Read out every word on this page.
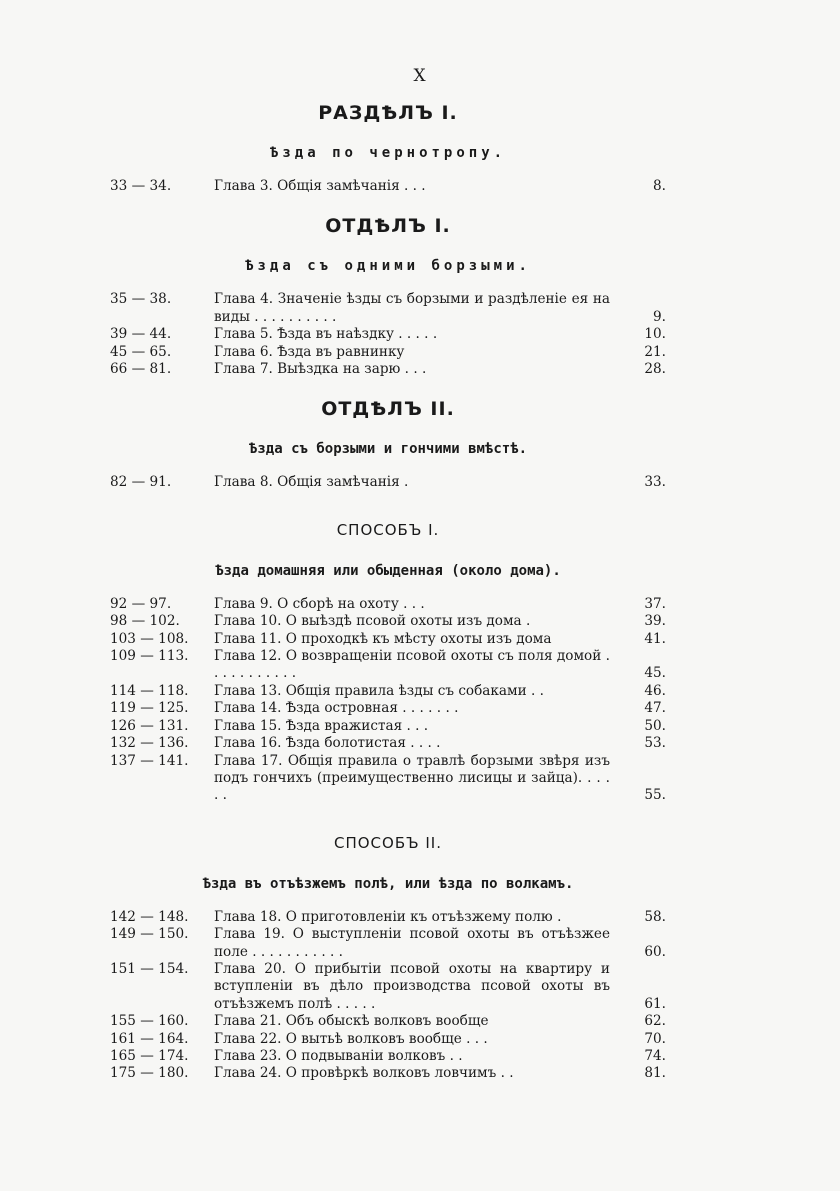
X
РАЗДѢЛЪ I.
Ѣзда по чернотропу.
33 — 34.	Глава 3. Общія замѣчанія . . .	8.
ОТДѢЛЪ I.
Ѣзда съ одними борзыми.
35 — 38.	Глава 4. Значеніе ѣзды съ борзыми и раздѣленіе ея на виды . . . . . . . . . .	9.
39 — 44.	Глава 5. Ѣзда въ наѣздку . . . . .	10.
45 — 65.	Глава 6. Ѣзда въ равнинку	21.
66 — 81.	Глава 7. Выѣздка на зарю . . .	28.
ОТДѢЛЪ II.
Ѣзда съ борзыми и гончими вмѣстѣ.
82 — 91.	Глава 8. Общія замѣчанія .	33.
СПОСОБЪ I.
Ѣзда домашняя или обыденная (около дома).
92 — 97.	Глава 9. О сборѣ на охоту . . .	37.
98 — 102.	Глава 10. О выѣздѣ псовой охоты изъ дома .	39.
103 — 108.	Глава 11. О проходкѣ къ мѣсту охоты изъ дома	41.
109 — 113.	Глава 12. О возвращеніи псовой охоты съ поля домой . . . . . . . . . . .	45.
114 — 118.	Глава 13. Общія правила ѣзды съ собаками . .	46.
119 — 125.	Глава 14. Ѣзда островная . . . . . . .	47.
126 — 131.	Глава 15. Ѣзда вражистая . . .	50.
132 — 136.	Глава 16. Ѣзда болотистая . . . .	53.
137 — 141.	Глава 17. Общія правила о травлѣ борзыми звѣря изъ подъ гончихъ (преимущественно лисицы и зайца). . . . . .	55.
СПОСОБЪ II.
Ѣзда въ отъѣзжемъ полѣ, или ѣзда по волкамъ.
142 — 148.	Глава 18. О приготовленіи къ отъѣзжему полю .	58.
149 — 150.	Глава 19. О выступленіи псовой охоты въ отъѣзжее поле . . . . . . . . . . .	60.
151 — 154.	Глава 20. О прибытіи псовой охоты на квартиру и вступленіи въ дѣло производства псовой охоты въ отъѣзжемъ полѣ . . . . .	61.
155 — 160.	Глава 21. Объ обыскѣ волковъ вообще	62.
161 — 164.	Глава 22. О вытьѣ волковъ вообще . . .	70.
165 — 174.	Глава 23. О подвываніи волковъ . .	74.
175 — 180.	Глава 24. О провѣркѣ волковъ ловчимъ . .	81.
